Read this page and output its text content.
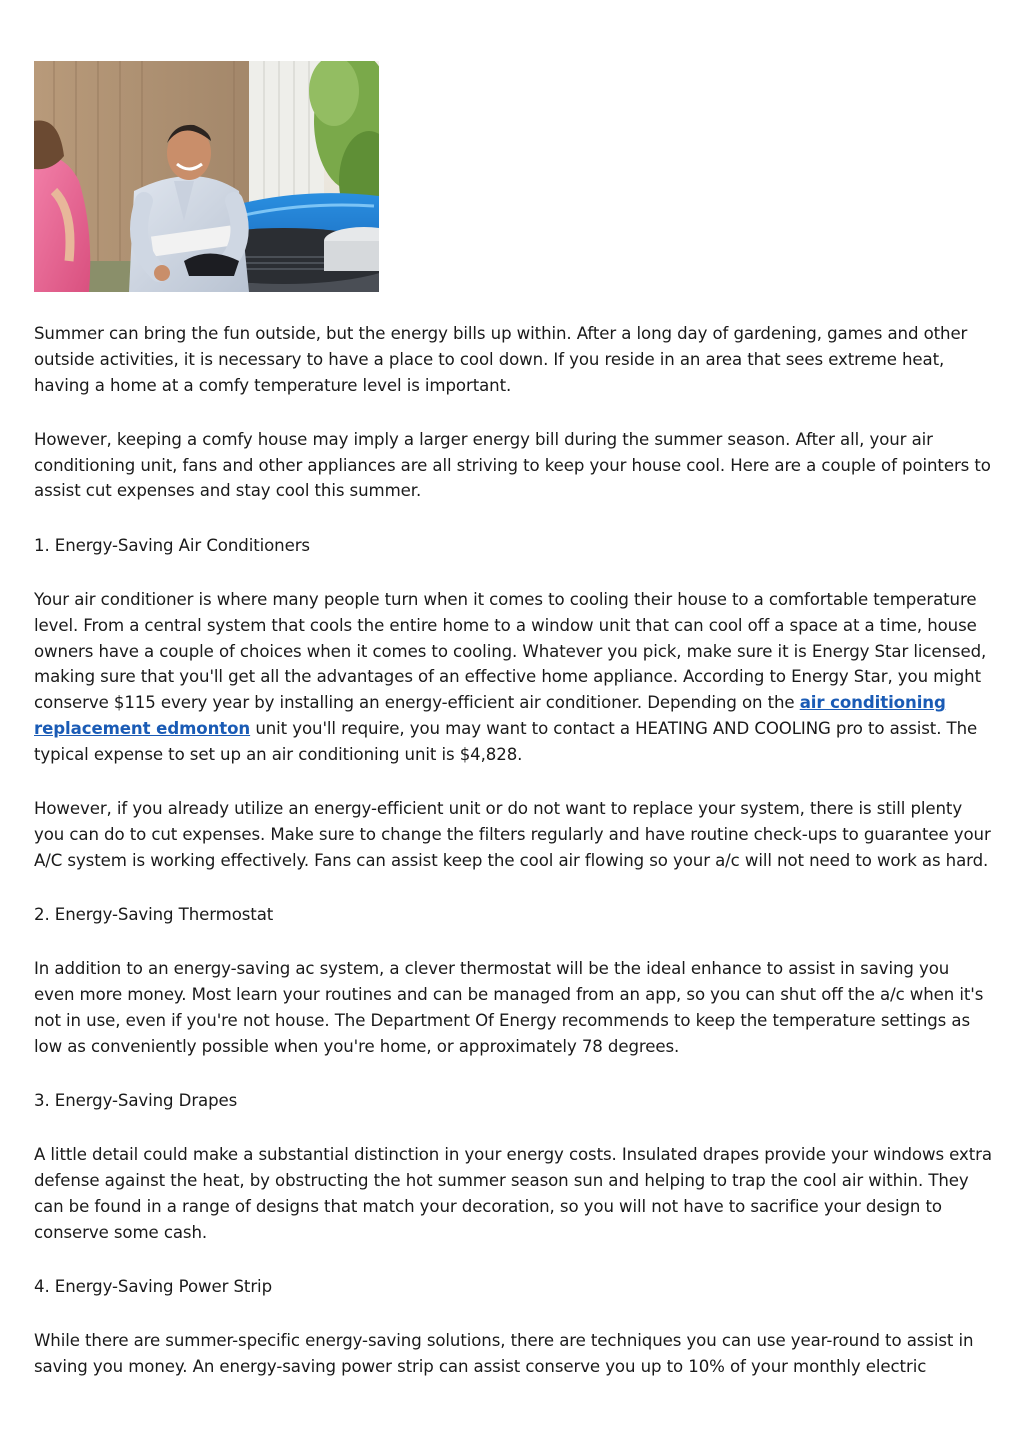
Summer can bring the fun outside, but the energy bills up within. After a long day of gardening, games and other outside activities, it is necessary to have a place to cool down. If you reside in an area that sees extreme heat, having a home at a comfy temperature level is important.

However, keeping a comfy house may imply a larger energy bill during the summer season. After all, your air conditioning unit, fans and other appliances are all striving to keep your house cool. Here are a couple of pointers to assist cut expenses and stay cool this summer.

1. Energy-Saving Air Conditioners

Your air conditioner is where many people turn when it comes to cooling their house to a comfortable temperature level. From a central system that cools the entire home to a window unit that can cool off a space at a time, house owners have a couple of choices when it comes to cooling. Whatever you pick, make sure it is Energy Star licensed, making sure that you'll get all the advantages of an effective home appliance. According to Energy Star, you might conserve $115 every year by installing an energy-efficient air conditioner. Depending on the air conditioning replacement edmonton unit you'll require, you may want to contact a HEATING AND COOLING pro to assist. The typical expense to set up an air conditioning unit is $4,828.

However, if you already utilize an energy-efficient unit or do not want to replace your system, there is still plenty you can do to cut expenses. Make sure to change the filters regularly and have routine check-ups to guarantee your A/C system is working effectively. Fans can assist keep the cool air flowing so your a/c will not need to work as hard.

2. Energy-Saving Thermostat

In addition to an energy-saving ac system, a clever thermostat will be the ideal enhance to assist in saving you even more money. Most learn your routines and can be managed from an app, so you can shut off the a/c when it's not in use, even if you're not house. The Department Of Energy recommends to keep the temperature settings as low as conveniently possible when you're home, or approximately 78 degrees.

3. Energy-Saving Drapes

A little detail could make a substantial distinction in your energy costs. Insulated drapes provide your windows extra defense against the heat, by obstructing the hot summer season sun and helping to trap the cool air within. They can be found in a range of designs that match your decoration, so you will not have to sacrifice your design to conserve some cash.

4. Energy-Saving Power Strip

While there are summer-specific energy-saving solutions, there are techniques you can use year-round to assist in saving you money. An energy-saving power strip can assist conserve you up to 10% of your monthly electric
